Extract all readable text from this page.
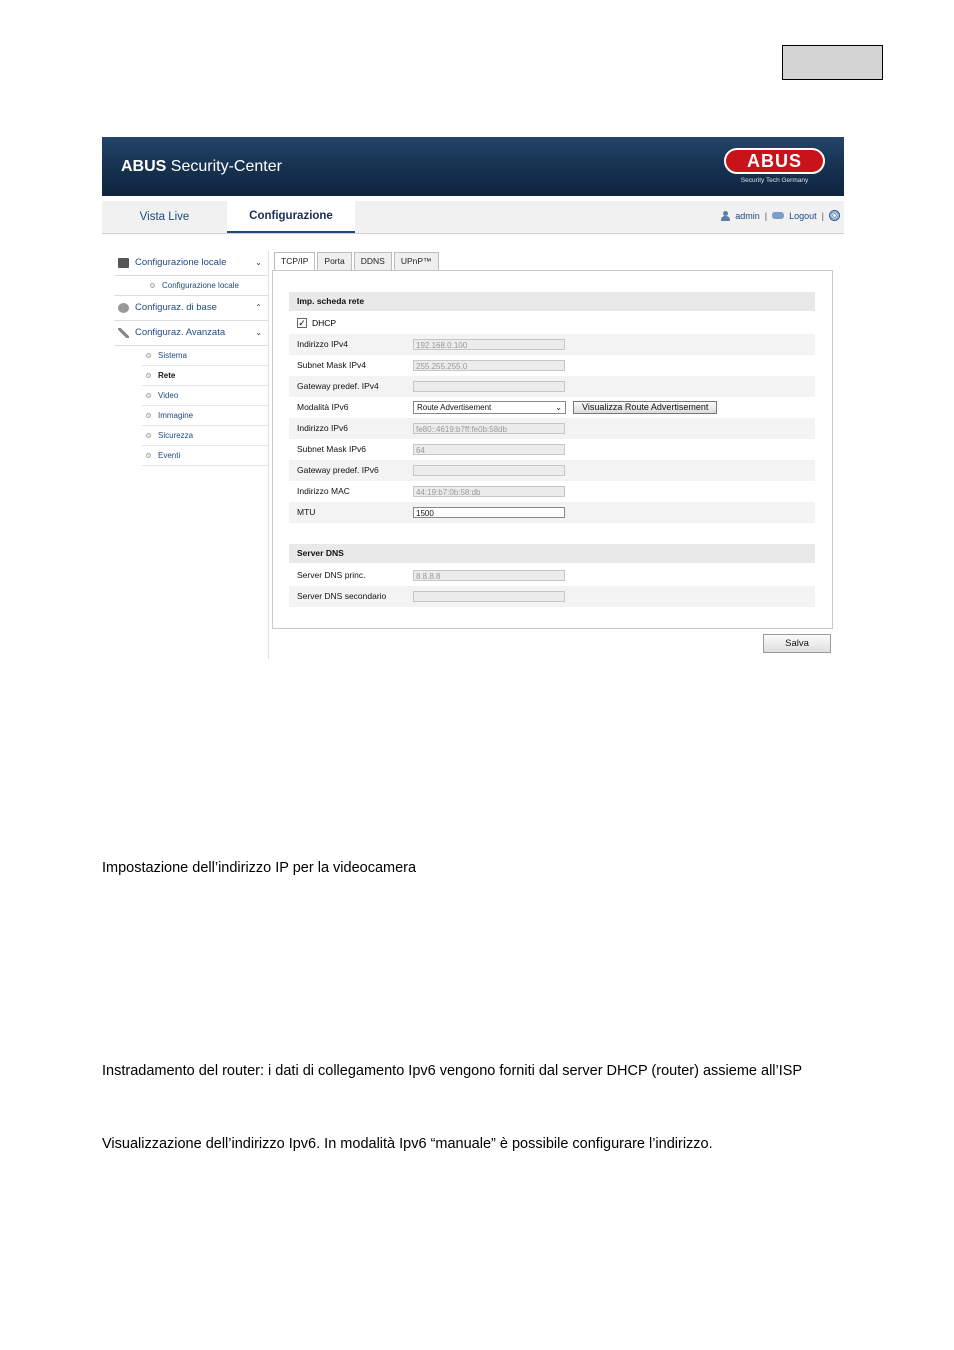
ABUS Security-Center	ABUS
Security Tech Germany
Vista Live	Configurazione	admin | Logout |
Configurazione locale	⌄
Configurazione locale
Configuraz. di base	⌃
Configuraz. Avanzata	⌄
Sistema
Rete
Video
Immagine
Sicurezza
Eventi
TCP/IP	Porta	DDNS	UPnP™
Imp. scheda rete
✓ DHCP
Indirizzo IPv4	192.168.0.100
Subnet Mask IPv4	255.255.255.0
Gateway predef. IPv4
Modalità IPv6	Route Advertisement	⌄	Visualizza Route Advertisement
Indirizzo IPv6	fe80::4619:b7ff:fe0b:58db
Subnet Mask IPv6	64
Gateway predef. IPv6
Indirizzo MAC	44:19:b7:0b:58:db
MTU	1500
Server DNS
Server DNS princ.	8.8.8.8
Server DNS secondario
Salva
Impostazione dell’indirizzo IP per la videocamera
Instradamento del router: i dati di collegamento Ipv6 vengono forniti dal server DHCP (router) assieme all’ISP
Visualizzazione dell’indirizzo Ipv6. In modalità Ipv6 “manuale” è possibile configurare l’indirizzo.
